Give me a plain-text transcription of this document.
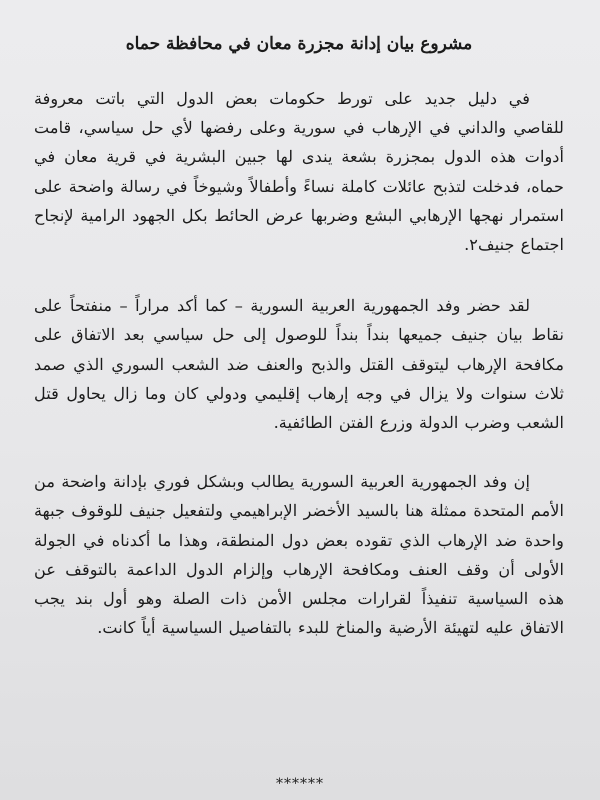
مشروع بيان إدانة مجزرة معان في محافظة حماه

في دليل جديد على تورط حكومات بعض الدول التي باتت معروفة للقاصي والداني في الإرهاب في سورية وعلى رفضها لأي حل سياسي، قامت أدوات هذه الدول بمجزرة بشعة يندى لها جبين البشرية في قرية معان في حماه، فدخلت لتذبح عائلات كاملة نساءً وأطفالاً وشيوخاً في رسالة واضحة على استمرار نهجها الإرهابي البشع وضربها عرض الحائط بكل الجهود الرامية لإنجاح اجتماع جنيف٢.

لقد حضر وفد الجمهورية العربية السورية – كما أكد مراراً – منفتحاً على نقاط بيان جنيف جميعها بنداً بنداً للوصول إلى حل سياسي بعد الاتفاق على مكافحة الإرهاب ليتوقف القتل والذبح والعنف ضد الشعب السوري الذي صمد ثلاث سنوات ولا يزال في وجه إرهاب إقليمي ودولي كان وما زال يحاول قتل الشعب وضرب الدولة وزرع الفتن الطائفية.

إن وفد الجمهورية العربية السورية يطالب وبشكل فوري بإدانة واضحة من الأمم المتحدة ممثلة هنا بالسيد الأخضر الإبراهيمي ولتفعيل جنيف للوقوف جبهة واحدة ضد الإرهاب الذي تقوده بعض دول المنطقة، وهذا ما أكدناه في الجولة الأولى أن وقف العنف ومكافحة الإرهاب وإلزام الدول الداعمة بالتوقف عن هذه السياسية تنفيذاً لقرارات مجلس الأمن ذات الصلة وهو أول بند يجب الاتفاق عليه لتهيئة الأرضية والمناخ للبدء بالتفاصيل السياسية أياً كانت.

******
